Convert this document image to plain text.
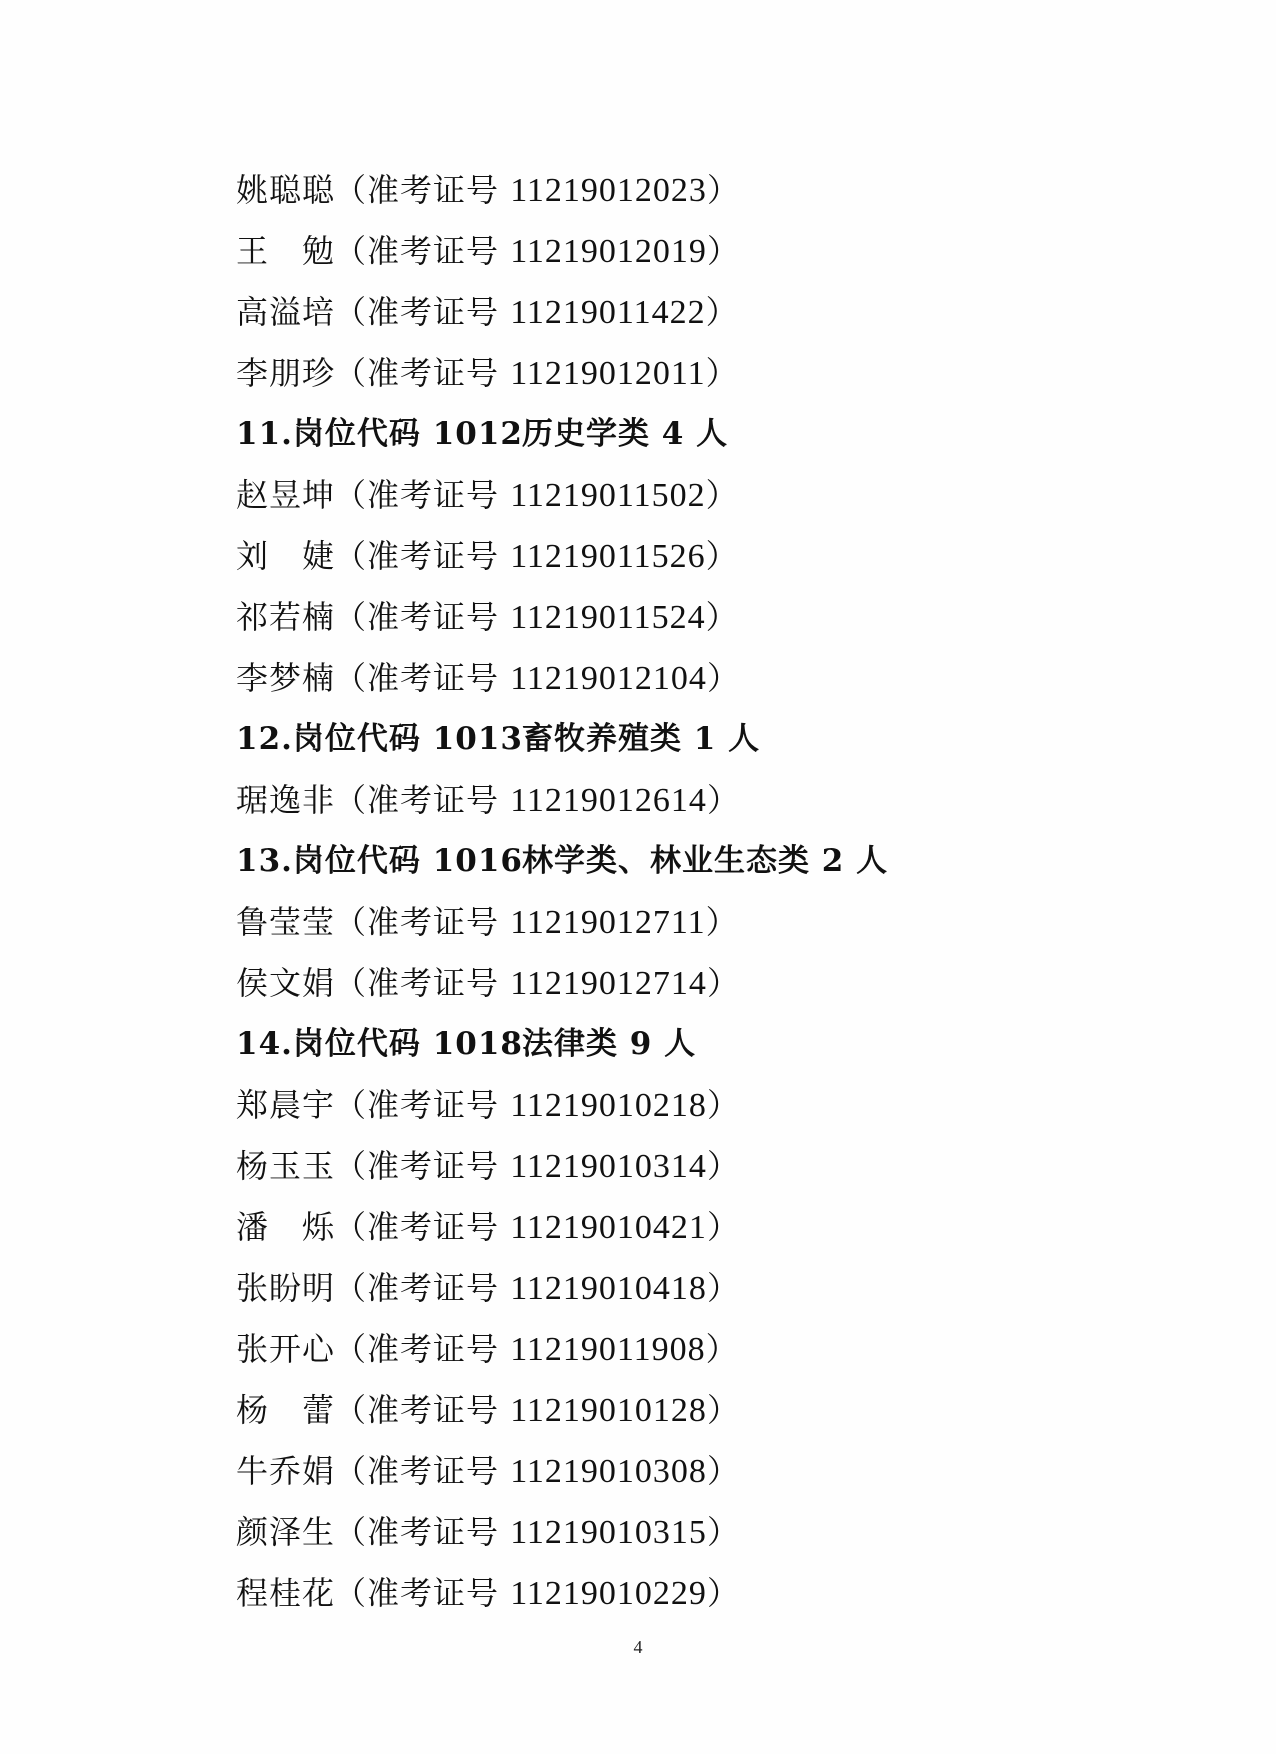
姚聪聪（准考证号 11219012023）
王　勉（准考证号 11219012019）
高溢培（准考证号 11219011422）
李朋珍（准考证号 11219012011）
11.岗位代码 1012历史学类 4 人
赵昱坤（准考证号 11219011502）
刘　婕（准考证号 11219011526）
祁若楠（准考证号 11219011524）
李梦楠（准考证号 11219012104）
12.岗位代码 1013畜牧养殖类 1 人
琚逸非（准考证号 11219012614）
13.岗位代码 1016林学类、林业生态类 2 人
鲁莹莹（准考证号 11219012711）
侯文娟（准考证号 11219012714）
14.岗位代码 1018法律类 9 人
郑晨宇（准考证号 11219010218）
杨玉玉（准考证号 11219010314）
潘　烁（准考证号 11219010421）
张盼明（准考证号 11219010418）
张开心（准考证号 11219011908）
杨　蕾（准考证号 11219010128）
牛乔娟（准考证号 11219010308）
颜泽生（准考证号 11219010315）
程桂花（准考证号 11219010229）
4
